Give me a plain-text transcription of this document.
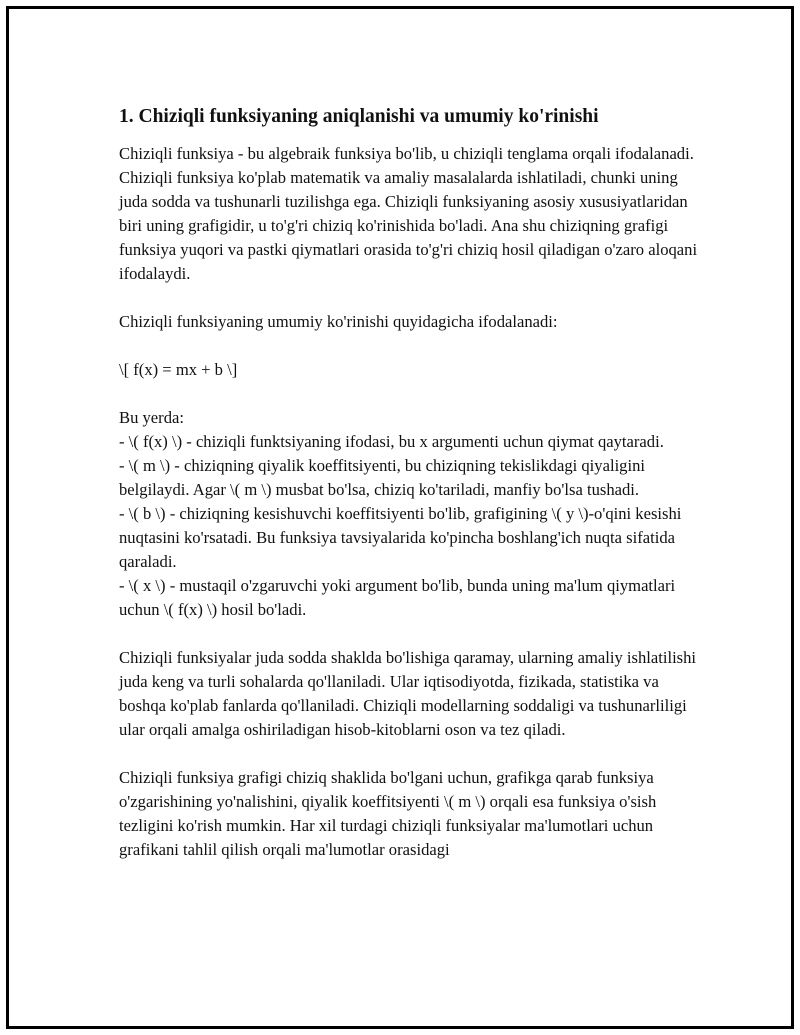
1. Chiziqli funksiyaning aniqlanishi va umumiy ko'rinishi

Chiziqli funksiya - bu algebraik funksiya bo'lib, u chiziqli tenglama orqali ifodalanadi. Chiziqli funksiya ko'plab matematik va amaliy masalalarda ishlatiladi, chunki uning juda sodda va tushunarli tuzilishga ega. Chiziqli funksiyaning asosiy xususiyatlaridan biri uning grafigidir, u to'g'ri chiziq ko'rinishida bo'ladi. Ana shu chiziqning grafigi funksiya yuqori va pastki qiymatlari orasida to'g'ri chiziq hosil qiladigan o'zaro aloqani ifodalaydi.

Chiziqli funksiyaning umumiy ko'rinishi quyidagicha ifodalanadi:

\[ f(x) = mx + b \]

Bu yerda:
- \( f(x) \) - chiziqli funktsiyaning ifodasi, bu x argumenti uchun qiymat qaytaradi.
- \( m \) - chiziqning qiyalik koeffitsiyenti, bu chiziqning tekislikdagi qiyaligini belgilaydi. Agar \( m \) musbat bo'lsa, chiziq ko'tariladi, manfiy bo'lsa tushadi.
- \( b \) - chiziqning kesishuvchi koeffitsiyenti bo'lib, grafigining \( y \)-o'qini kesishi nuqtasini ko'rsatadi. Bu funksiya tavsiyalarida ko'pincha boshlang'ich nuqta sifatida qaraladi.
- \( x \) - mustaqil o'zgaruvchi yoki argument bo'lib, bunda uning ma'lum qiymatlari uchun \( f(x) \) hosil bo'ladi.

Chiziqli funksiyalar juda sodda shaklda bo'lishiga qaramay, ularning amaliy ishlatilishi juda keng va turli sohalarda qo'llaniladi. Ular iqtisodiyotda, fizikada, statistika va boshqa ko'plab fanlarda qo'llaniladi. Chiziqli modellarning soddaligi va tushunarliligi ular orqali amalga oshiriladigan hisob-kitoblarni oson va tez qiladi.

Chiziqli funksiya grafigi chiziq shaklida bo'lgani uchun, grafikga qarab funksiya o'zgarishining yo'nalishini, qiyalik koeffitsiyenti \( m \) orqali esa funksiya o'sish tezligini ko'rish mumkin. Har xil turdagi chiziqli funksiyalar ma'lumotlari uchun grafikani tahlil qilish orqali ma'lumotlar orasidagi
